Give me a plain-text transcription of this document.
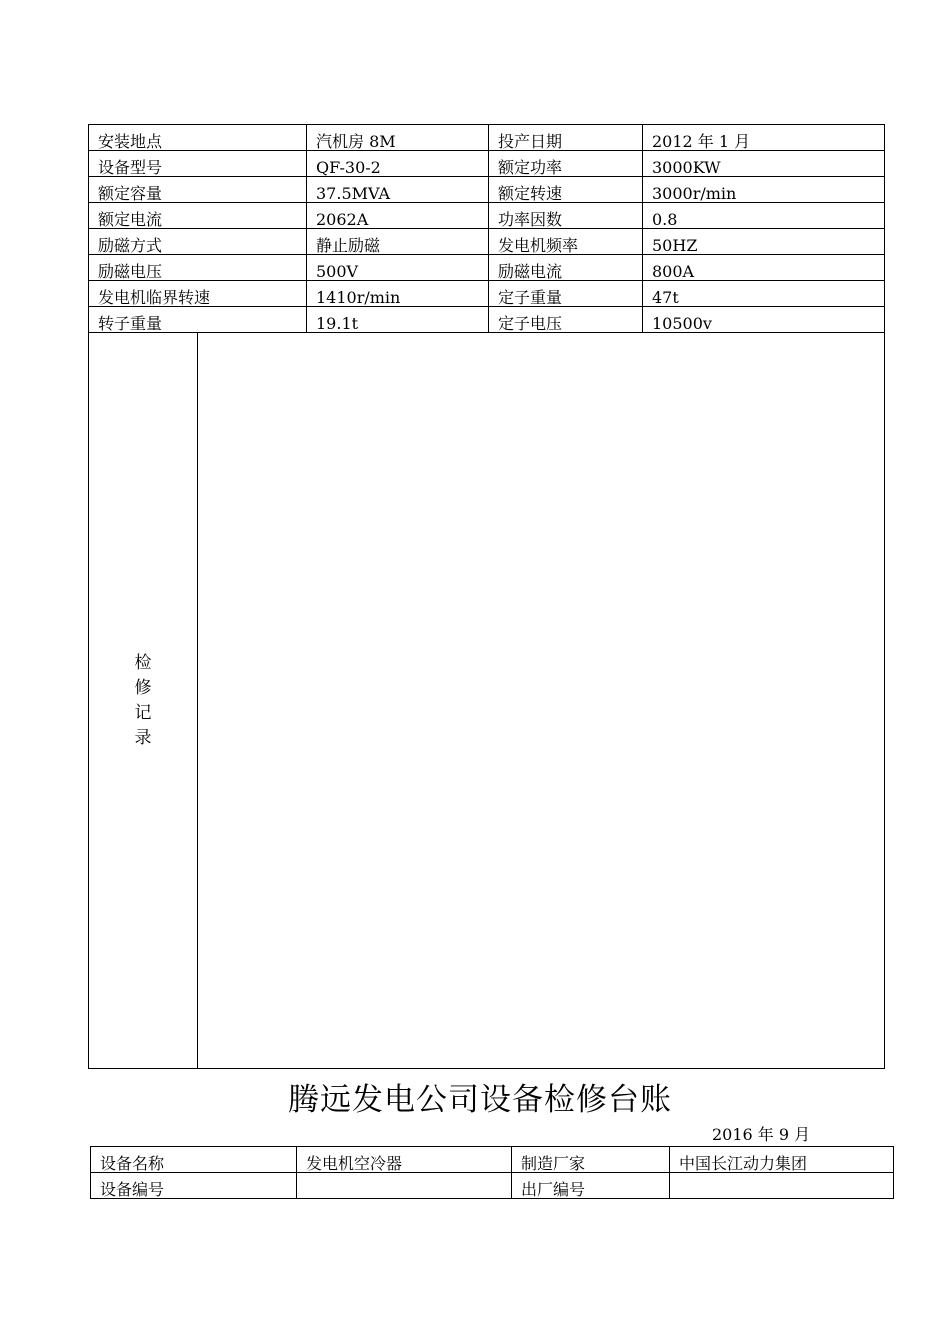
安装地点		汽机房 8M	投产日期	2012 年 1 月
设备型号		QF-30-2	额定功率	3000KW
额定容量		37.5MVA	额定转速	3000r/min
额定电流		2062A	功率因数	0.8
励磁方式		静止励磁	发电机频率	50HZ
励磁电压		500V	励磁电流	800A
发电机临界转速		1410r/min	定子重量	47t
转子重量		19.1t	定子电压	10500v
检修记录				
腾远发电公司设备检修台账
2016 年 9 月
设备名称	发电机空冷器	制造厂家	中国长江动力集团
设备编号		出厂编号	
